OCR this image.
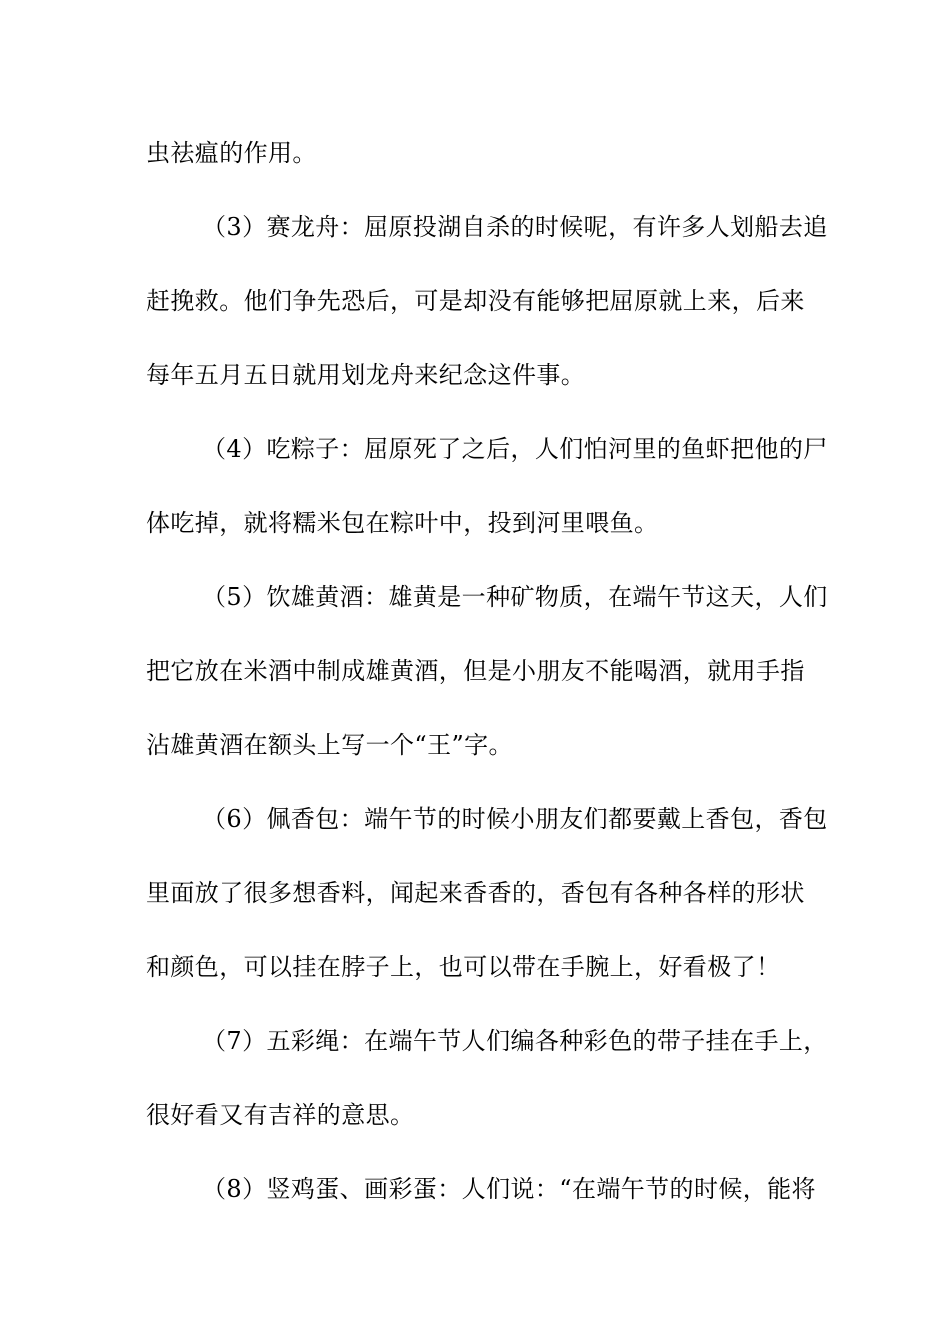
虫祛瘟的作用。
（3）赛龙舟：屈原投湖自杀的时候呢，有许多人划船去追
赶挽救。他们争先恐后，可是却没有能够把屈原就上来，后来
每年五月五日就用划龙舟来纪念这件事。
（4）吃粽子：屈原死了之后，人们怕河里的鱼虾把他的尸
体吃掉，就将糯米包在粽叶中，投到河里喂鱼。
（5）饮雄黄酒：雄黄是一种矿物质，在端午节这天，人们
把它放在米酒中制成雄黄酒，但是小朋友不能喝酒，就用手指
沾雄黄酒在额头上写一个“王”字。
（6）佩香包：端午节的时候小朋友们都要戴上香包，香包
里面放了很多想香料，闻起来香香的，香包有各种各样的形状
和颜色，可以挂在脖子上，也可以带在手腕上，好看极了！
（7）五彩绳：在端午节人们编各种彩色的带子挂在手上，
很好看又有吉祥的意思。
（8）竖鸡蛋、画彩蛋：人们说：“在端午节的时候，能将
